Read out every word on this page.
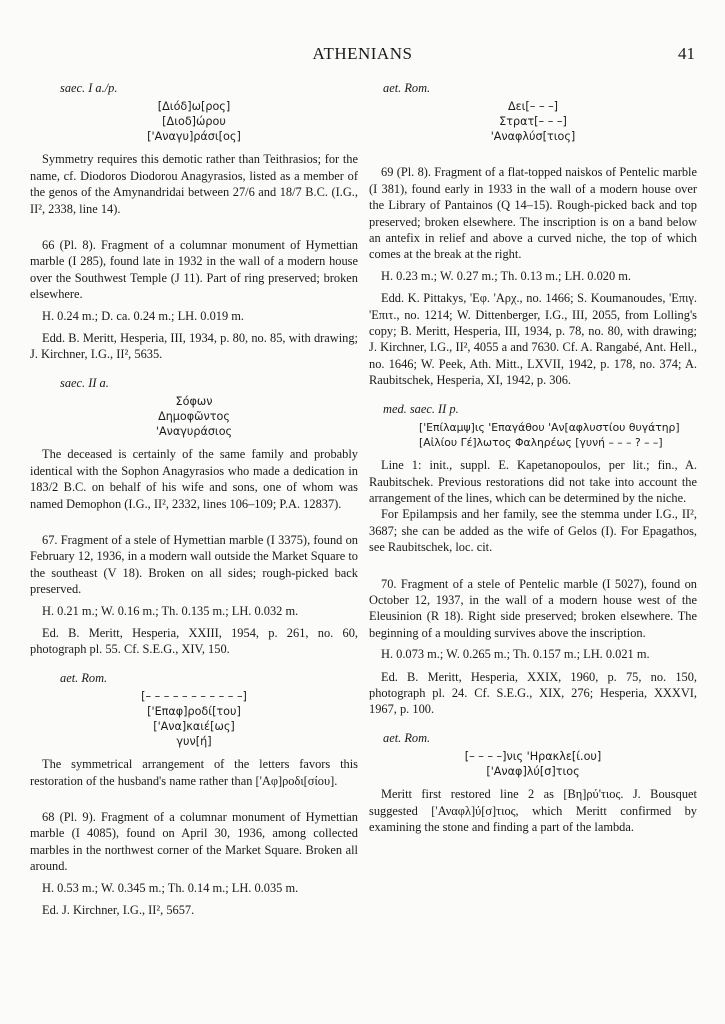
ATHENIANS	41

saec. I a./p.

[Διόδ]ω[ρος]
[Διοδ]ώρου
['Αναγυ]ράσι[ος]

Symmetry requires this demotic rather than Teithrasios; for the name, cf. Diodoros Diodorou Anagyrasios, listed as a member of the genos of the Amynandridai between 27/6 and 18/7 B.C. (I.G., II², 2338, line 14).

66 (Pl. 8). Fragment of a columnar monument of Hymettian marble (I 285), found late in 1932 in the wall of a modern house over the Southwest Temple (J 11). Part of ring preserved; broken elsewhere.

H. 0.24 m.; D. ca. 0.24 m.; LH. 0.019 m.

Edd. B. Meritt, Hesperia, III, 1934, p. 80, no. 85, with drawing; J. Kirchner, I.G., II², 5635.

saec. II a.

Σόφων
Δημοφῶντος
'Αναγυράσιος

The deceased is certainly of the same family and probably identical with the Sophon Anagyrasios who made a dedication in 183/2 B.C. on behalf of his wife and sons, one of whom was named Demophon (I.G., II², 2332, lines 106–109; P.A. 12837).

67. Fragment of a stele of Hymettian marble (I 3375), found on February 12, 1936, in a modern wall outside the Market Square to the southeast (V 18). Broken on all sides; rough-picked back preserved.

H. 0.21 m.; W. 0.16 m.; Th. 0.135 m.; LH. 0.032 m.

Ed. B. Meritt, Hesperia, XXIII, 1954, p. 261, no. 60, photograph pl. 55. Cf. S.E.G., XIV, 150.

aet. Rom.

[– – – – – – – – – – –]
['Επαφ]ροδί[του]
['Ανα]καιέ[ως]
γυν[ή]

The symmetrical arrangement of the letters favors this restoration of the husband's name rather than ['Αφ]ροδι[σίου].

68 (Pl. 9). Fragment of a columnar monument of Hymettian marble (I 4085), found on April 30, 1936, among collected marbles in the northwest corner of the Market Square. Broken all around.

H. 0.53 m.; W. 0.345 m.; Th. 0.14 m.; LH. 0.035 m.

Ed. J. Kirchner, I.G., II², 5657.

aet. Rom.

Δει[– – –]
Στρατ[– – –]
'Αναφλύσ[τιος]

69 (Pl. 8). Fragment of a flat-topped naiskos of Pentelic marble (I 381), found early in 1933 in the wall of a modern house over the Library of Pantainos (Q 14–15). Rough-picked back and top preserved; broken elsewhere. The inscription is on a band below an antefix in relief and above a curved niche, the top of which comes at the break at the right.

H. 0.23 m.; W. 0.27 m.; Th. 0.13 m.; LH. 0.020 m.

Edd. K. Pittakys, 'Εφ. 'Αρχ., no. 1466; S. Koumanoudes, 'Επιγ. 'Επιτ., no. 1214; W. Dittenberger, I.G., III, 2055, from Lolling's copy; B. Meritt, Hesperia, III, 1934, p. 78, no. 80, with drawing; J. Kirchner, I.G., II², 4055 a and 7630. Cf. A. Rangabé, Ant. Hell., no. 1646; W. Peek, Ath. Mitt., LXVII, 1942, p. 178, no. 374; A. Raubitschek, Hesperia, XI, 1942, p. 306.

med. saec. II p.

['Επίλαμψ]ις 'Επαγάθου 'Αν[αφλυστίου θυγάτηρ]
[Αἰλίου Γέ]λωτος Φαληρέως [γυνή – – – ? – –]

Line 1: init., suppl. E. Kapetanopoulos, per lit.; fin., A. Raubitschek. Previous restorations did not take into account the arrangement of the lines, which can be determined by the niche.

For Epilampsis and her family, see the stemma under I.G., II², 3687; she can be added as the wife of Gelos (I). For Epagathos, see Raubitschek, loc. cit.

70. Fragment of a stele of Pentelic marble (I 5027), found on October 12, 1937, in the wall of a modern house west of the Eleusinion (R 18). Right side preserved; broken elsewhere. The beginning of a moulding survives above the inscription.

H. 0.073 m.; W. 0.265 m.; Th. 0.157 m.; LH. 0.021 m.

Ed. B. Meritt, Hesperia, XXIX, 1960, p. 75, no. 150, photograph pl. 24. Cf. S.E.G., XIX, 276; Hesperia, XXXVI, 1967, p. 100.

aet. Rom.

[– – – –]νις 'Ηρακλε[ί.ου]
['Αναφ]λύ[σ]τιος

Meritt first restored line 2 as [Βη]ρύ'τιος. J. Bousquet suggested ['Αναφλ]ύ[σ]τιος, which Meritt confirmed by examining the stone and finding a part of the lambda.
